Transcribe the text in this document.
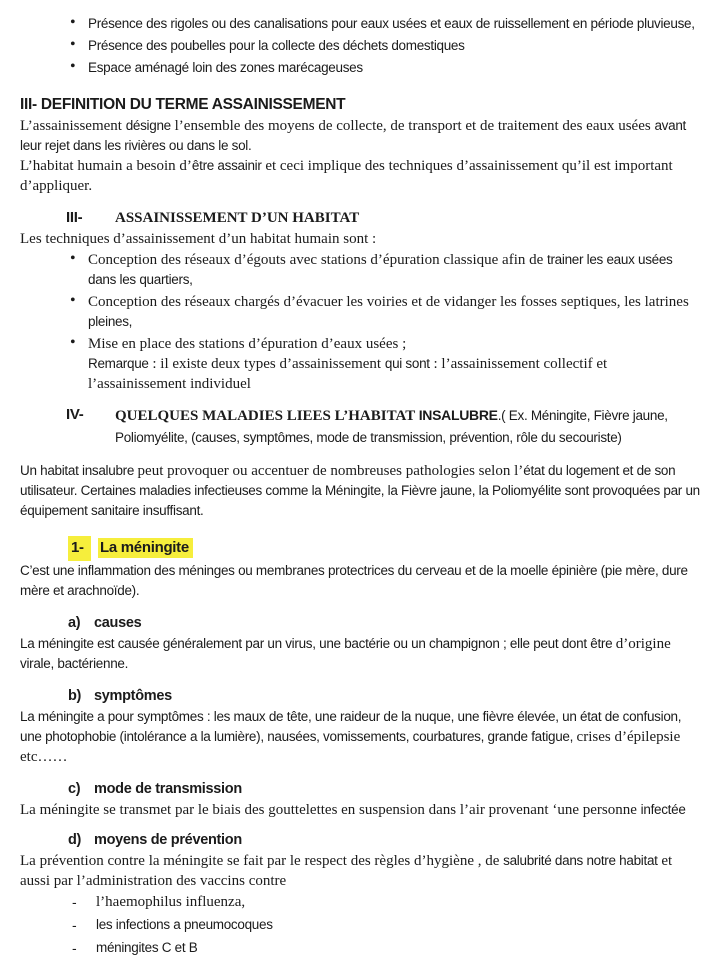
• Présence des rigoles ou des canalisations pour eaux usées et eaux de ruissellement en période pluvieuse,
• Présence des poubelles pour la collecte des déchets domestiques
• Espace aménagé loin des zones marécageuses
III- DEFINITION DU TERME ASSAINISSEMENT
L’assainissement désigne l’ensemble des moyens de collecte, de transport et de traitement des eaux usées avant leur rejet dans les rivières ou dans le sol.
L’habitat humain a besoin d’être assainir et ceci implique des techniques d’assainissement qu’il est important d’appliquer.
III-	ASSAINISSEMENT D’UN HABITAT
Les techniques d’assainissement d’un habitat humain sont :
• Conception des réseaux d’égouts avec stations d’épuration classique afin de trainer les eaux usées dans les quartiers,
• Conception des réseaux chargés d’évacuer les voiries et de vidanger les fosses septiques, les latrines pleines,
• Mise en place des stations d’épuration d’eaux usées ;
Remarque : il existe deux types d’assainissement qui sont : l’assainissement collectif et
l’assainissement individuel
IV-	QUELQUES MALADIES LIEES L’HABITAT INSALUBRE.( Ex. Méningite, Fièvre jaune, Poliomyélite, (causes, symptômes, mode de transmission, prévention, rôle du secouriste)
Un habitat insalubre peut provoquer ou accentuer de nombreuses pathologies selon l’état du logement et de son utilisateur. Certaines maladies infectieuses comme la Méningite, la Fièvre jaune, la Poliomyélite sont provoquées par un équipement sanitaire insuffisant.
1- La méningite
C’est une inflammation des méninges ou membranes protectrices du cerveau et de la moelle épinière (pie mère, dure mère et arachnoïde).
a) causes
La méningite est causée généralement par un virus, une bactérie ou un champignon ; elle peut dont être d’origine virale, bactérienne.
b) symptômes
La méningite a pour symptômes : les maux de tête, une raideur de la nuque, une fièvre élevée, un état de confusion, une photophobie (intolérance a la lumière), nausées, vomissements, courbatures, grande fatigue, crises d’épilepsie etc……
c) mode de transmission
La méningite se transmet par le biais des gouttelettes en suspension dans l’air provenant ‘une personne infectée
d) moyens de prévention
La prévention contre la méningite se fait par le respect des règles d’hygiène , de salubrité dans notre habitat et aussi par l’administration des vaccins contre
- l’haemophilus influenza,
- les infections a pneumocoques
- méningites C et B
